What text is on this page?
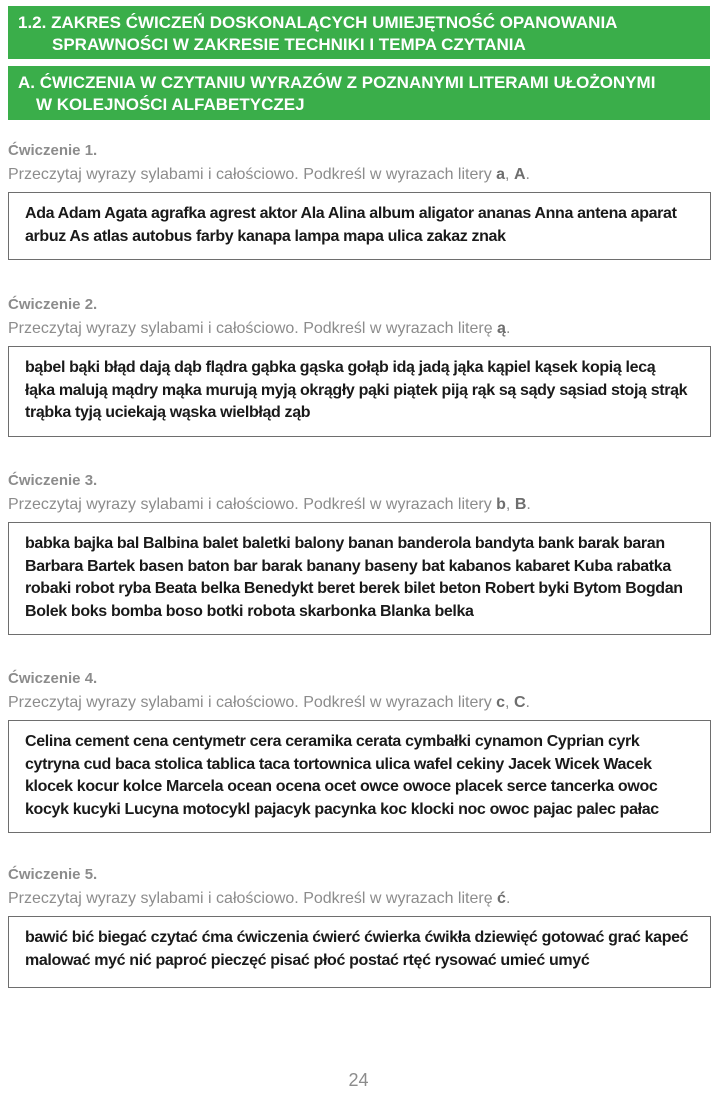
1.2. ZAKRES ĆWICZEŃ DOSKONALĄCYCH UMIEJĘTNOŚĆ OPANOWANIA
SPRAWNOŚCI W ZAKRESIE TECHNIKI I TEMPA CZYTANIA
A. ĆWICZENIA W CZYTANIU WYRAZÓW Z POZNANYMI LITERAMI UŁOŻONYMI
W KOLEJNOŚCI ALFABETYCZEJ
Ćwiczenie 1.
Przeczytaj wyrazy sylabami i całościowo. Podkreśl w wyrazach litery a, A.
Ada Adam Agata agrafka agrest aktor Ala Alina album aligator ananas Anna antena aparat
arbuz As atlas autobus farby kanapa lampa mapa ulica zakaz znak
Ćwiczenie 2.
Przeczytaj wyrazy sylabami i całościowo. Podkreśl w wyrazach literę ą.
bąbel bąki błąd dają dąb flądra gąbka gąska gołąb idą jadą jąka kąpiel kąsek kopią lecą
łąka malują mądry mąka murują myją okrągły pąki piątek piją rąk są sądy sąsiad stoją strąk
trąbka tyją uciekają wąska wielbłąd ząb
Ćwiczenie 3.
Przeczytaj wyrazy sylabami i całościowo. Podkreśl w wyrazach litery b, B.
babka bajka bal Balbina balet baletki balony banan banderola bandyta bank barak baran
Barbara Bartek basen baton bar barak banany baseny bat kabanos kabaret Kuba rabatka
robaki robot ryba Beata belka Benedykt beret berek bilet beton Robert byki Bytom Bogdan
Bolek boks bomba boso botki robota skarbonka Blanka belka
Ćwiczenie 4.
Przeczytaj wyrazy sylabami i całościowo. Podkreśl w wyrazach litery c, C.
Celina cement cena centymetr cera ceramika cerata cymbałki cynamon Cyprian cyrk
cytryna cud baca stolica tablica taca tortownica ulica wafel cekiny Jacek Wicek Wacek
klocek kocur kolce Marcela ocean ocena ocet owce owoce placek serce tancerka owoc
kocyk kucyki Lucyna motocykl pajacyk pacynka koc klocki noc owoc pajac palec pałac
Ćwiczenie 5.
Przeczytaj wyrazy sylabami i całościowo. Podkreśl w wyrazach literę ć.
bawić bić biegać czytać ćma ćwiczenia ćwierć ćwierka ćwikła dziewięć gotować grać kapeć
malować myć nić paproć pieczęć pisać płoć postać rtęć rysować umieć umyć
24
